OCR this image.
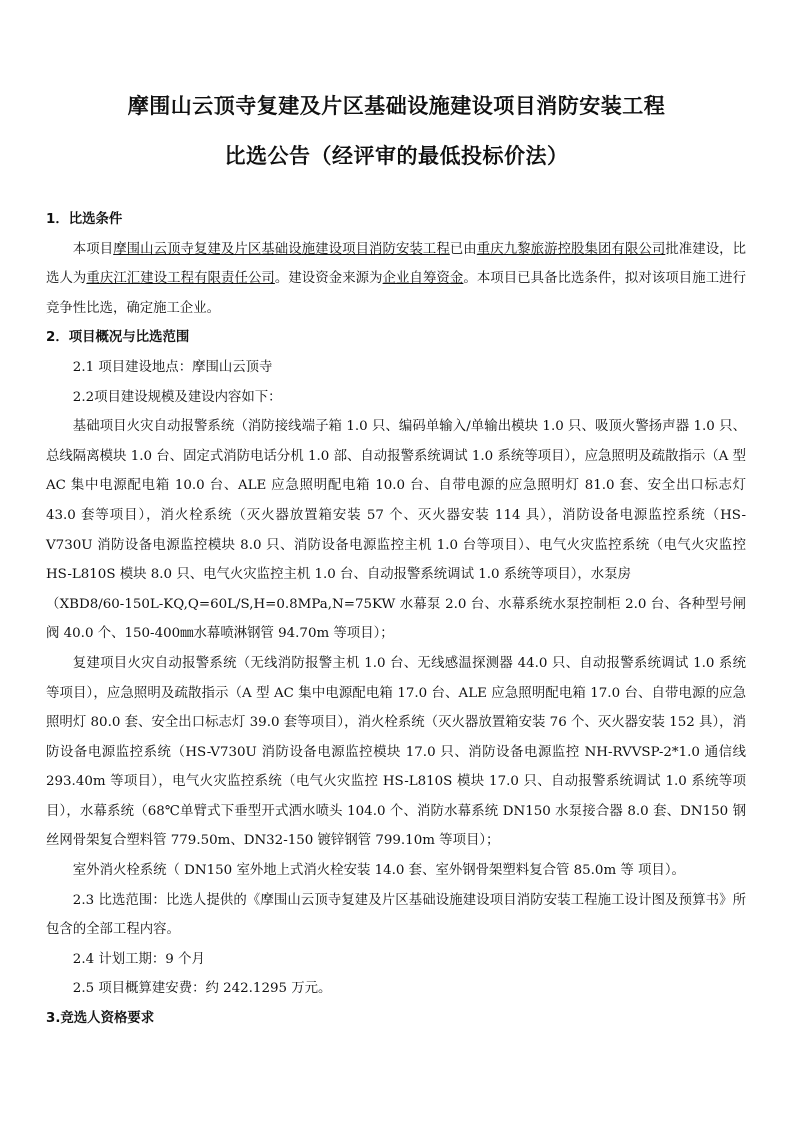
摩围山云顶寺复建及片区基础设施建设项目消防安装工程
比选公告（经评审的最低投标价法）

1．比选条件

本项目摩围山云顶寺复建及片区基础设施建设项目消防安装工程已由重庆九黎旅游控股集团有限公司批准建设，比选人为重庆江汇建设工程有限责任公司。建设资金来源为企业自筹资金。本项目已具备比选条件，拟对该项目施工进行竞争性比选，确定施工企业。

2．项目概况与比选范围

2.1 项目建设地点：摩围山云顶寺

2.2项目建设规模及建设内容如下：

基础项目火灾自动报警系统（消防接线端子箱 1.0 只、编码单输入/单输出模块 1.0 只、吸顶火警扬声器 1.0 只、总线隔离模块 1.0 台、固定式消防电话分机 1.0 部、自动报警系统调试 1.0 系统等项目），应急照明及疏散指示（A 型 AC 集中电源配电箱 10.0 台、ALE 应急照明配电箱 10.0 台、自带电源的应急照明灯 81.0 套、安全出口标志灯 43.0 套等项目），消火栓系统（灭火器放置箱安装 57 个、灭火器安装 114 具），消防设备电源监控系统（HS-V730U 消防设备电源监控模块 8.0 只、消防设备电源监控主机 1.0 台等项目）、电气火灾监控系统（电气火灾监控 HS-L810S 模块 8.0 只、电气火灾监控主机 1.0 台、自动报警系统调试 1.0 系统等项目），水泵房

（XBD8/60-150L-KQ,Q=60L/S,H=0.8MPa,N=75KW 水幕泵 2.0 台、水幕系统水泵控制柜 2.0 台、各种型号闸阀 40.0 个、150-400㎜水幕喷淋钢管 94.70m 等项目）；

复建项目火灾自动报警系统（无线消防报警主机 1.0 台、无线感温探测器 44.0 只、自动报警系统调试 1.0 系统等项目），应急照明及疏散指示（A 型 AC 集中电源配电箱 17.0 台、ALE 应急照明配电箱 17.0 台、自带电源的应急照明灯 80.0 套、安全出口标志灯 39.0 套等项目），消火栓系统（灭火器放置箱安装 76 个、灭火器安装 152 具），消防设备电源监控系统（HS-V730U 消防设备电源监控模块 17.0 只、消防设备电源监控 NH-RVVSP-2*1.0 通信线 293.40m 等项目），电气火灾监控系统（电气火灾监控 HS-L810S 模块 17.0 只、自动报警系统调试 1.0 系统等项目），水幕系统（68℃单臂式下垂型开式洒水喷头 104.0 个、消防水幕系统 DN150 水泵接合器 8.0 套、DN150 钢丝网骨架复合塑料管 779.50m、DN32-150 镀锌钢管 799.10m 等项目）；

室外消火栓系统（ DN150 室外地上式消火栓安装 14.0 套、室外钢骨架塑料复合管 85.0m 等 项目）。

2.3 比选范围：比选人提供的《摩围山云顶寺复建及片区基础设施建设项目消防安装工程施工设计图及预算书》所包含的全部工程内容。

2.4 计划工期：9 个月

2.5 项目概算建安费：约 242.1295 万元。

3.竞选人资格要求
